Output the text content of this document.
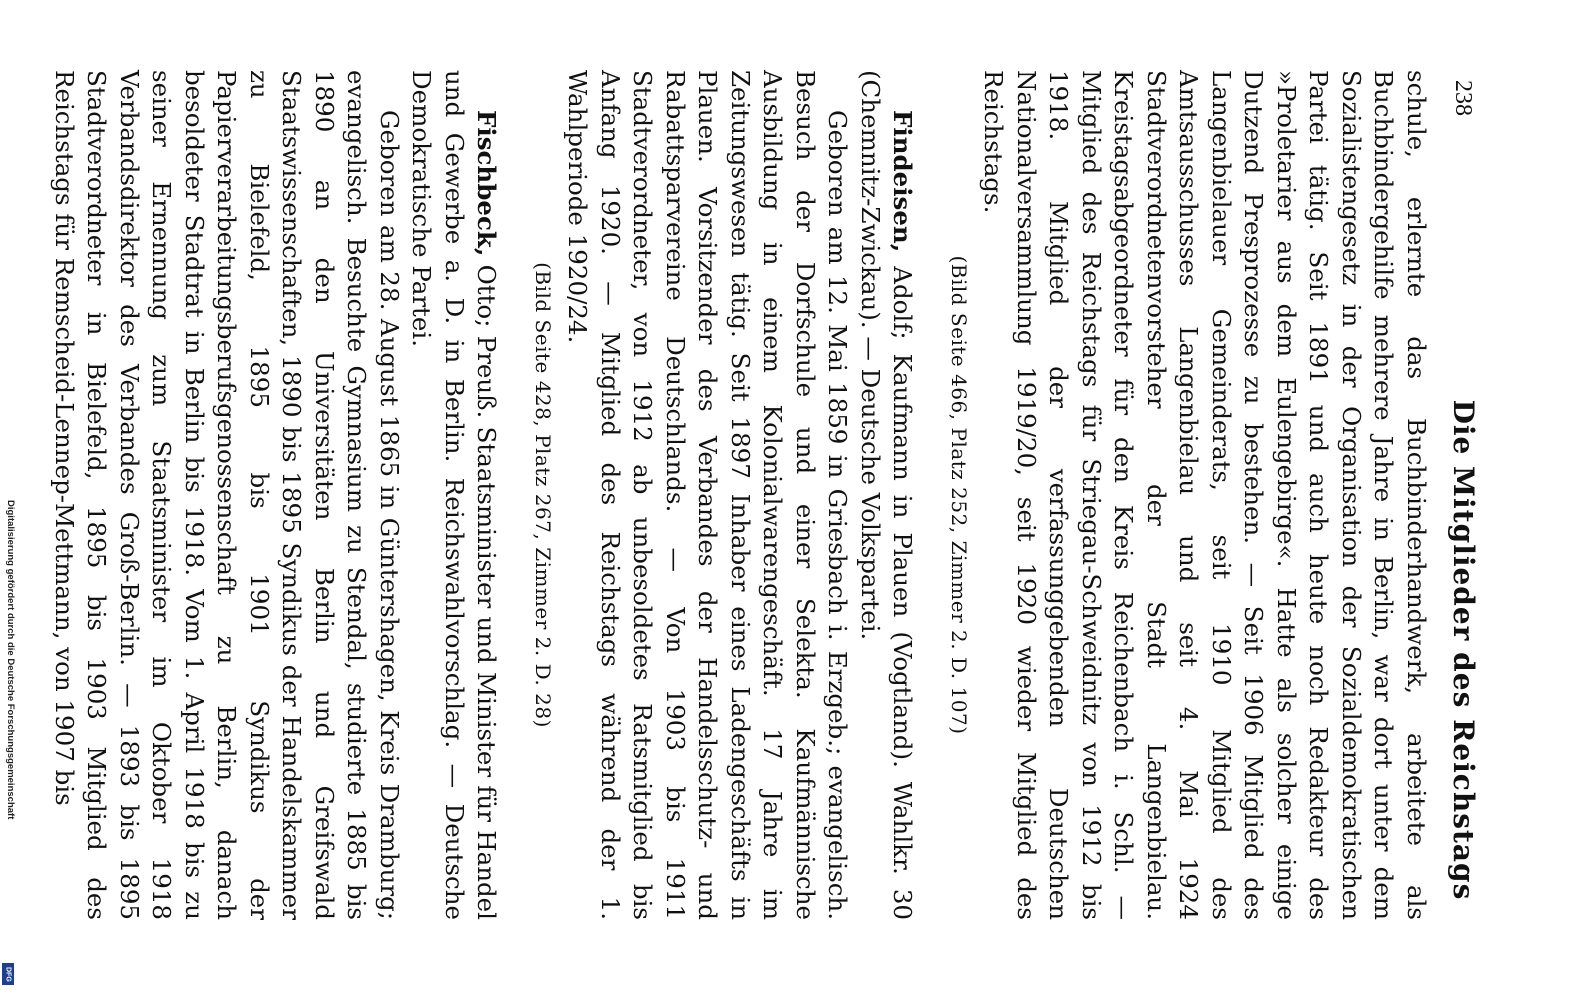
Digitalisierung gefördert durch die Deutsche Forschungsgemeinschaft
DFG
238
Die Mitglieder des Reichstags

schule, erlernte das Buchbinderhandwerk, arbeitete als Buchbindergehilfe mehrere Jahre in Berlin, war dort unter dem Sozialistengesetz in der Organisation der Sozialdemokratischen Partei tätig. Seit 1891 und auch heute noch Redakteur des »Proletarier aus dem Eulengebirge«. Hatte als solcher einige Dutzend Presprozesse zu bestehen. — Seit 1906 Mitglied des Langenbielauer Gemeinderats, seit 1910 Mitglied des Amtsausschusses Langenbielau und seit 4. Mai 1924 Stadtverordnetenvorsteher der Stadt Langenbielau. Kreistagsabgeordneter für den Kreis Reichenbach i. Schl. — Mitglied des Reichstags für Striegau-Schweidnitz von 1912 bis 1918. Mitglied der verfassunggebenden Deutschen Nationalversammlung 1919/20, seit 1920 wieder Mitglied des Reichstags.

(Bild Seite 466, Platz 252, Zimmer 2. D. 107)

Findeisen, Adolf; Kaufmann in Plauen (Vogtland). Wahlkr. 30 (Chemnitz-Zwickau). — Deutsche Volkspartei.

Geboren am 12. Mai 1859 in Griesbach i. Erzgeb.; evangelisch. Besuch der Dorfschule und einer Selekta. Kaufmännische Ausbildung in einem Kolonialwarengeschäft. 17 Jahre im Zeitungswesen tätig. Seit 1897 Inhaber eines Ladengeschäfts in Plauen. Vorsitzender des Verbandes der Handelsschutz- und Rabattsparvereine Deutschlands. — Von 1903 bis 1911 Stadtverordneter, von 1912 ab unbesoldetes Ratsmitglied bis Anfang 1920. — Mitglied des Reichstags während der 1. Wahlperiode 1920/24.

(Bild Seite 428, Platz 267, Zimmer 2. D. 28)

Fischbeck, Otto; Preuß. Staatsminister und Minister für Handel und Gewerbe a. D. in Berlin. Reichswahlvorschlag. — Deutsche Demokratische Partei.

Geboren am 28. August 1865 in Güntershagen, Kreis Dramburg; evangelisch. Besuchte Gymnasium zu Stendal, studierte 1885 bis 1890 an den Universitäten Berlin und Greifswald Staatswissenschaften, 1890 bis 1895 Syndikus der Handelskammer zu Bielefeld, 1895 bis 1901 Syndikus der Papierverarbeitungsberufsgenossenschaft zu Berlin, danach besoldeter Stadtrat in Berlin bis 1918. Vom 1. April 1918 bis zu seiner Ernennung zum Staatsminister im Oktober 1918 Verbandsdirektor des Verbandes Groß-Berlin. — 1893 bis 1895 Stadtverordneter in Bielefeld, 1895 bis 1903 Mitglied des Reichstags für Remscheid-Lennep-Mettmann, von 1907 bis
